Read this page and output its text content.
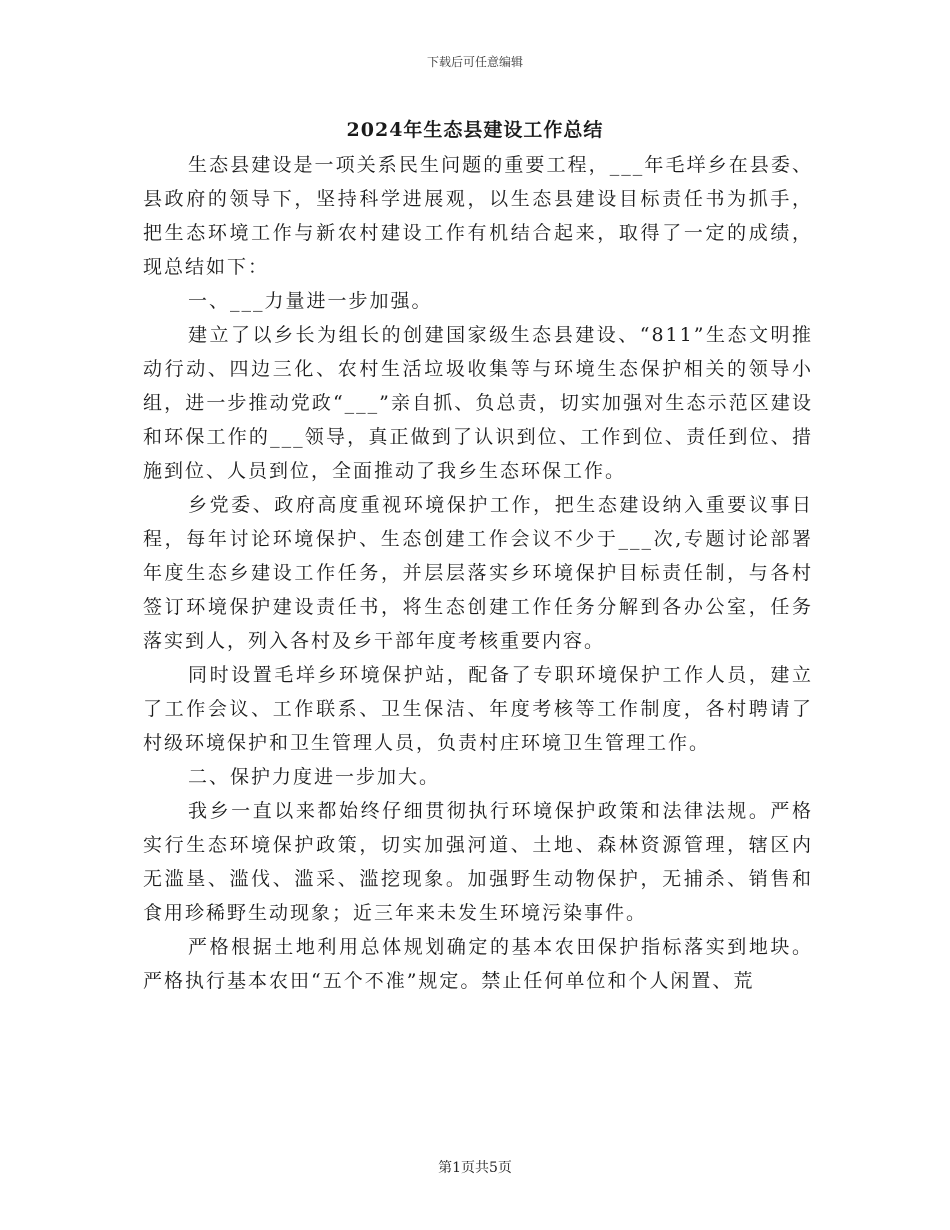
下载后可任意编辑
2024年生态县建设工作总结

生态县建设是一项关系民生问题的重要工程，___年毛垟乡在县委、县政府的领导下，坚持科学进展观，以生态县建设目标责任书为抓手，把生态环境工作与新农村建设工作有机结合起来，取得了一定的成绩，现总结如下：

一、___力量进一步加强。

建立了以乡长为组长的创建国家级生态县建设、“811”生态文明推动行动、四边三化、农村生活垃圾收集等与环境生态保护相关的领导小组，进一步推动党政“___”亲自抓、负总责，切实加强对生态示范区建设和环保工作的___领导，真正做到了认识到位、工作到位、责任到位、措施到位、人员到位，全面推动了我乡生态环保工作。

乡党委、政府高度重视环境保护工作，把生态建设纳入重要议事日程，每年讨论环境保护、生态创建工作会议不少于___次,专题讨论部署年度生态乡建设工作任务，并层层落实乡环境保护目标责任制，与各村签订环境保护建设责任书，将生态创建工作任务分解到各办公室，任务落实到人，列入各村及乡干部年度考核重要内容。

同时设置毛垟乡环境保护站，配备了专职环境保护工作人员，建立了工作会议、工作联系、卫生保洁、年度考核等工作制度，各村聘请了村级环境保护和卫生管理人员，负责村庄环境卫生管理工作。

二、保护力度进一步加大。

我乡一直以来都始终仔细贯彻执行环境保护政策和法律法规。严格实行生态环境保护政策，切实加强河道、土地、森林资源管理，辖区内无滥垦、滥伐、滥采、滥挖现象。加强野生动物保护，无捕杀、销售和食用珍稀野生动现象；近三年来未发生环境污染事件。

严格根据土地利用总体规划确定的基本农田保护指标落实到地块。严格执行基本农田“五个不准”规定。禁止任何单位和个人闲置、荒

第1页共5页
